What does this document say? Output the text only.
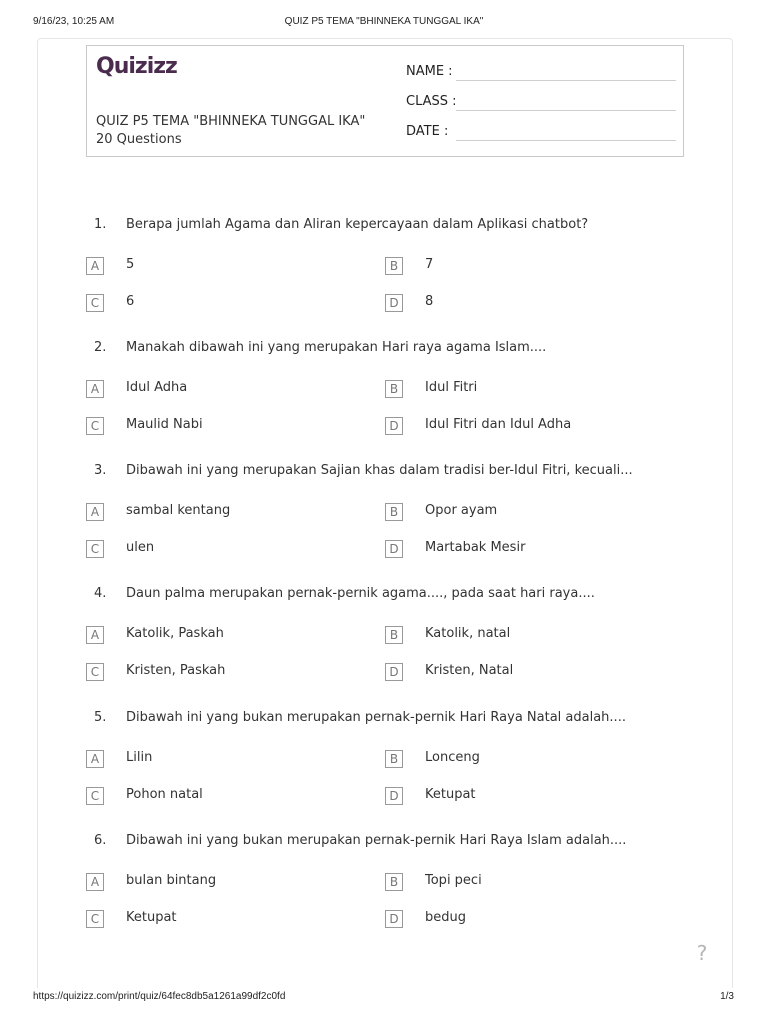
9/16/23, 10:25 AM	QUIZ P5 TEMA "BHINNEKA TUNGGAL IKA"
Quizizz
QUIZ P5 TEMA "BHINNEKA TUNGGAL IKA"
20 Questions
NAME :
CLASS :
DATE :
1.	Berapa jumlah Agama dan Aliran kepercayaan dalam Aplikasi chatbot?
A	5	B	7
C	6	D	8
2.	Manakah dibawah ini yang merupakan Hari raya agama Islam....
A	Idul Adha	B	Idul Fitri
C	Maulid Nabi	D	Idul Fitri dan Idul Adha
3.	Dibawah ini yang merupakan Sajian khas dalam tradisi ber-Idul Fitri, kecuali...
A	sambal kentang	B	Opor ayam
C	ulen	D	Martabak Mesir
4.	Daun palma merupakan pernak-pernik agama...., pada saat hari raya....
A	Katolik, Paskah	B	Katolik, natal
C	Kristen, Paskah	D	Kristen, Natal
5.	Dibawah ini yang bukan merupakan pernak-pernik Hari Raya Natal adalah....
A	Lilin	B	Lonceng
C	Pohon natal	D	Ketupat
6.	Dibawah ini yang bukan merupakan pernak-pernik Hari Raya Islam adalah....
A	bulan bintang	B	Topi peci
C	Ketupat	D	bedug
?
https://quizizz.com/print/quiz/64fec8db5a1261a99df2c0fd	1/3
